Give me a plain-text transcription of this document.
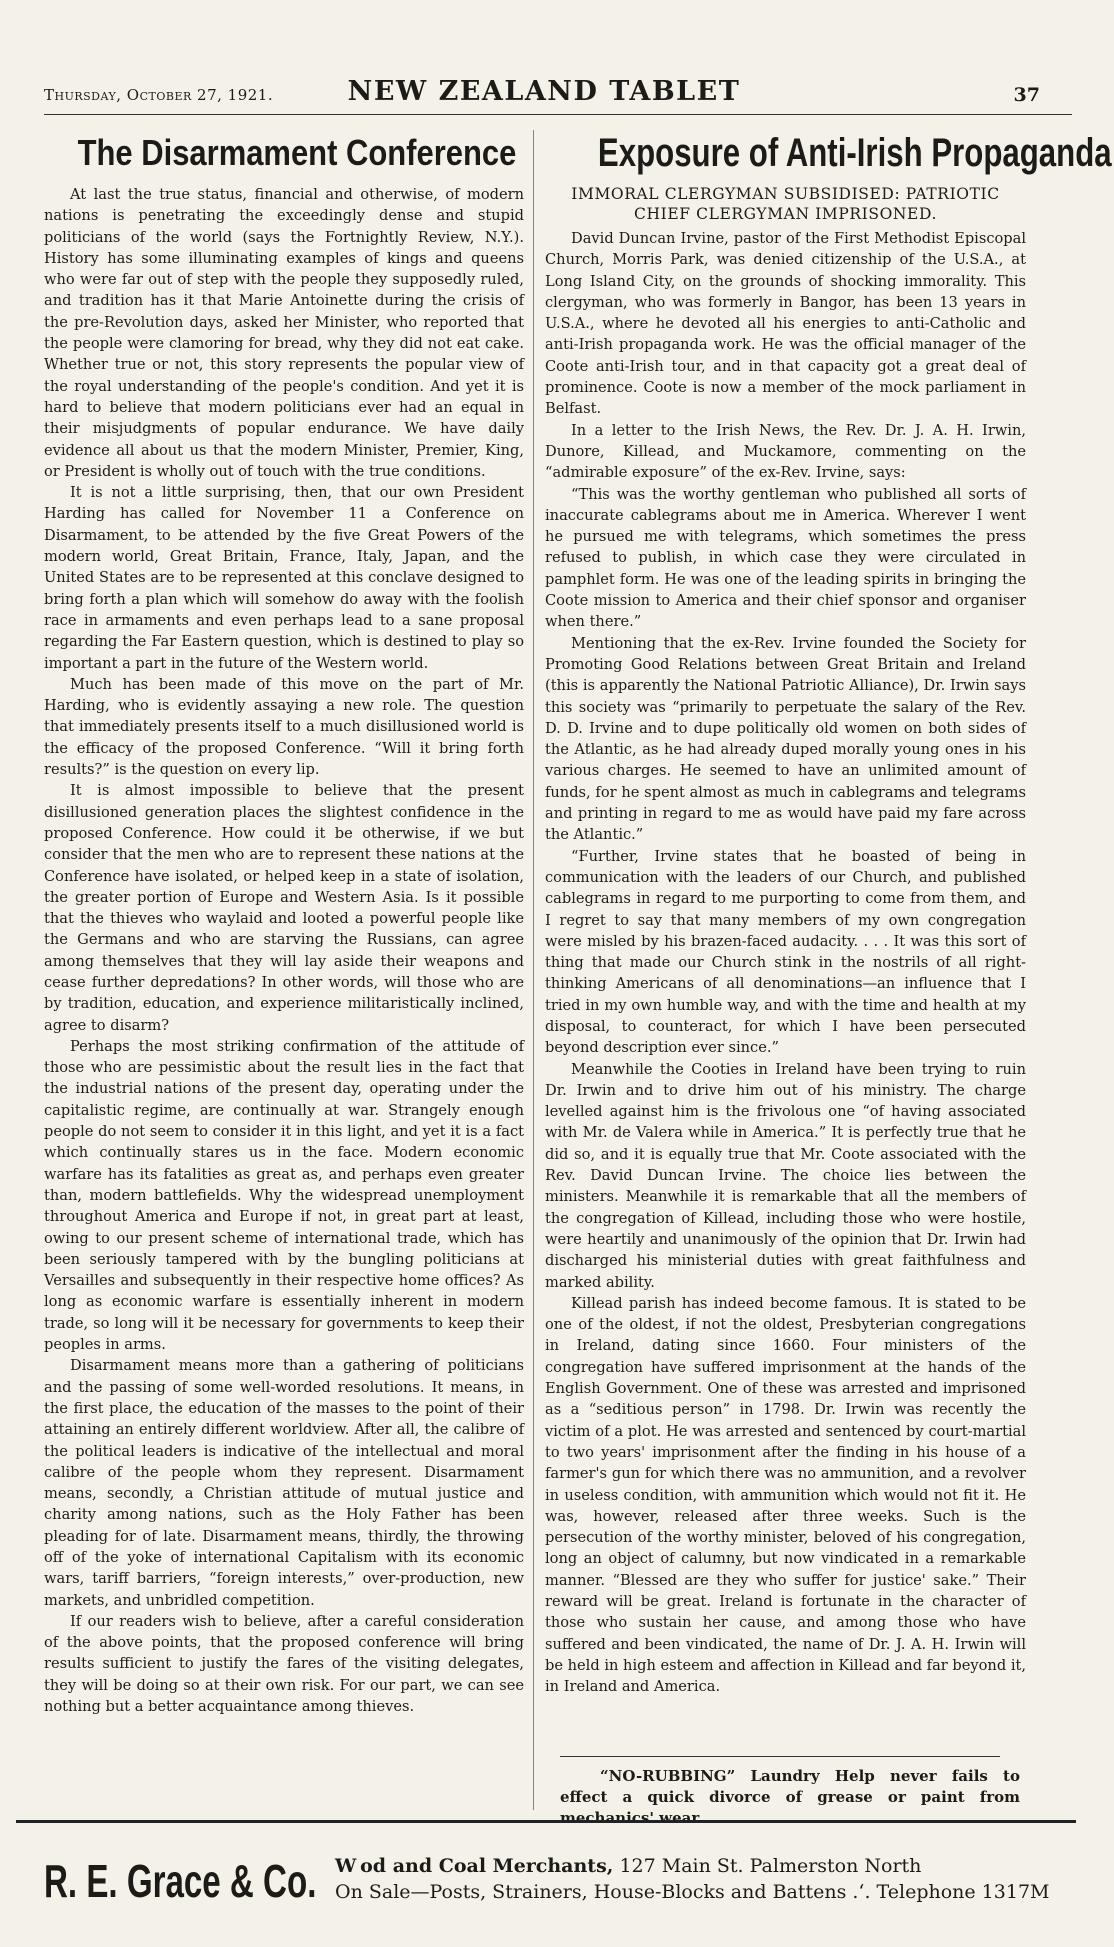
Thursday, October 27, 1921.	NEW ZEALAND TABLET	37
The Disarmament Conference

At last the true status, financial and otherwise, of modern nations is penetrating the exceedingly dense and stupid politicians of the world (says the Fortnightly Review, N.Y.). History has some illuminating examples of kings and queens who were far out of step with the people they supposedly ruled, and tradition has it that Marie Antoinette during the crisis of the pre-Revolution days, asked her Minister, who reported that the people were clamoring for bread, why they did not eat cake. Whether true or not, this story represents the popular view of the royal understanding of the people's condition. And yet it is hard to believe that modern politicians ever had an equal in their misjudgments of popular endurance. We have daily evidence all about us that the modern Minister, Premier, King, or President is wholly out of touch with the true conditions.

It is not a little surprising, then, that our own President Harding has called for November 11 a Conference on Disarmament, to be attended by the five Great Powers of the modern world, Great Britain, France, Italy, Japan, and the United States are to be represented at this conclave designed to bring forth a plan which will somehow do away with the foolish race in armaments and even perhaps lead to a sane proposal regarding the Far Eastern question, which is destined to play so important a part in the future of the Western world.

Much has been made of this move on the part of Mr. Harding, who is evidently assaying a new role. The question that immediately presents itself to a much disillusioned world is the efficacy of the proposed Conference. “Will it bring forth results?” is the question on every lip.

It is almost impossible to believe that the present disillusioned generation places the slightest confidence in the proposed Conference. How could it be otherwise, if we but consider that the men who are to represent these nations at the Conference have isolated, or helped keep in a state of isolation, the greater portion of Europe and Western Asia. Is it possible that the thieves who waylaid and looted a powerful people like the Germans and who are starving the Russians, can agree among themselves that they will lay aside their weapons and cease further depredations? In other words, will those who are by tradition, education, and experience militaristically inclined, agree to disarm?

Perhaps the most striking confirmation of the attitude of those who are pessimistic about the result lies in the fact that the industrial nations of the present day, operating under the capitalistic regime, are continually at war. Strangely enough people do not seem to consider it in this light, and yet it is a fact which continually stares us in the face. Modern economic warfare has its fatalities as great as, and perhaps even greater than, modern battlefields. Why the widespread unemployment throughout America and Europe if not, in great part at least, owing to our present scheme of international trade, which has been seriously tampered with by the bungling politicians at Versailles and subsequently in their respective home offices? As long as economic warfare is essentially inherent in modern trade, so long will it be necessary for governments to keep their peoples in arms.

Disarmament means more than a gathering of politicians and the passing of some well-worded resolutions. It means, in the first place, the education of the masses to the point of their attaining an entirely different worldview. After all, the calibre of the political leaders is indicative of the intellectual and moral calibre of the people whom they represent. Disarmament means, secondly, a Christian attitude of mutual justice and charity among nations, such as the Holy Father has been pleading for of late. Disarmament means, thirdly, the throwing off of the yoke of international Capitalism with its economic wars, tariff barriers, “foreign interests,” over-production, new markets, and unbridled competition.

If our readers wish to believe, after a careful consideration of the above points, that the proposed conference will bring results sufficient to justify the fares of the visiting delegates, they will be doing so at their own risk. For our part, we can see nothing but a better acquaintance among thieves.

Exposure of Anti-Irish Propaganda
IMMORAL CLERGYMAN SUBSIDISED: PATRIOTIC
CHIEF CLERGYMAN IMPRISONED.

David Duncan Irvine, pastor of the First Methodist Episcopal Church, Morris Park, was denied citizenship of the U.S.A., at Long Island City, on the grounds of shocking immorality. This clergyman, who was formerly in Bangor, has been 13 years in U.S.A., where he devoted all his energies to anti-Catholic and anti-Irish propaganda work. He was the official manager of the Coote anti-Irish tour, and in that capacity got a great deal of prominence. Coote is now a member of the mock parliament in Belfast.

In a letter to the Irish News, the Rev. Dr. J. A. H. Irwin, Dunore, Killead, and Muckamore, commenting on the “admirable exposure” of the ex-Rev. Irvine, says:

“This was the worthy gentleman who published all sorts of inaccurate cablegrams about me in America. Wherever I went he pursued me with telegrams, which sometimes the press refused to publish, in which case they were circulated in pamphlet form. He was one of the leading spirits in bringing the Coote mission to America and their chief sponsor and organiser when there.”

Mentioning that the ex-Rev. Irvine founded the Society for Promoting Good Relations between Great Britain and Ireland (this is apparently the National Patriotic Alliance), Dr. Irwin says this society was “primarily to perpetuate the salary of the Rev. D. D. Irvine and to dupe politically old women on both sides of the Atlantic, as he had already duped morally young ones in his various charges. He seemed to have an unlimited amount of funds, for he spent almost as much in cablegrams and telegrams and printing in regard to me as would have paid my fare across the Atlantic.”

“Further, Irvine states that he boasted of being in communication with the leaders of our Church, and published cablegrams in regard to me purporting to come from them, and I regret to say that many members of my own congregation were misled by his brazen-faced audacity. . . . It was this sort of thing that made our Church stink in the nostrils of all right-thinking Americans of all denominations—an influence that I tried in my own humble way, and with the time and health at my disposal, to counteract, for which I have been persecuted beyond description ever since.”

Meanwhile the Cooties in Ireland have been trying to ruin Dr. Irwin and to drive him out of his ministry. The charge levelled against him is the frivolous one “of having associated with Mr. de Valera while in America.” It is perfectly true that he did so, and it is equally true that Mr. Coote associated with the Rev. David Duncan Irvine. The choice lies between the ministers. Meanwhile it is remarkable that all the members of the congregation of Killead, including those who were hostile, were heartily and unanimously of the opinion that Dr. Irwin had discharged his ministerial duties with great faithfulness and marked ability.

Killead parish has indeed become famous. It is stated to be one of the oldest, if not the oldest, Presbyterian congregations in Ireland, dating since 1660. Four ministers of the congregation have suffered imprisonment at the hands of the English Government. One of these was arrested and imprisoned as a “seditious person” in 1798. Dr. Irwin was recently the victim of a plot. He was arrested and sentenced by court-martial to two years' imprisonment after the finding in his house of a farmer's gun for which there was no ammunition, and a revolver in useless condition, with ammunition which would not fit it. He was, however, released after three weeks. Such is the persecution of the worthy minister, beloved of his congregation, long an object of calumny, but now vindicated in a remarkable manner. “Blessed are they who suffer for justice' sake.” Their reward will be great. Ireland is fortunate in the character of those who sustain her cause, and among those who have suffered and been vindicated, the name of Dr. J. A. H. Irwin will be held in high esteem and affection in Killead and far beyond it, in Ireland and America.

“NO-RUBBING” Laundry Help never fails to effect a quick divorce of grease or paint from mechanics' wear.
R. E. Grace & Co. W od and Coal Merchants, 127 Main St. Palmerston North
On Sale—Posts, Strainers, House-Blocks and Battens .‘. Telephone 1317M
